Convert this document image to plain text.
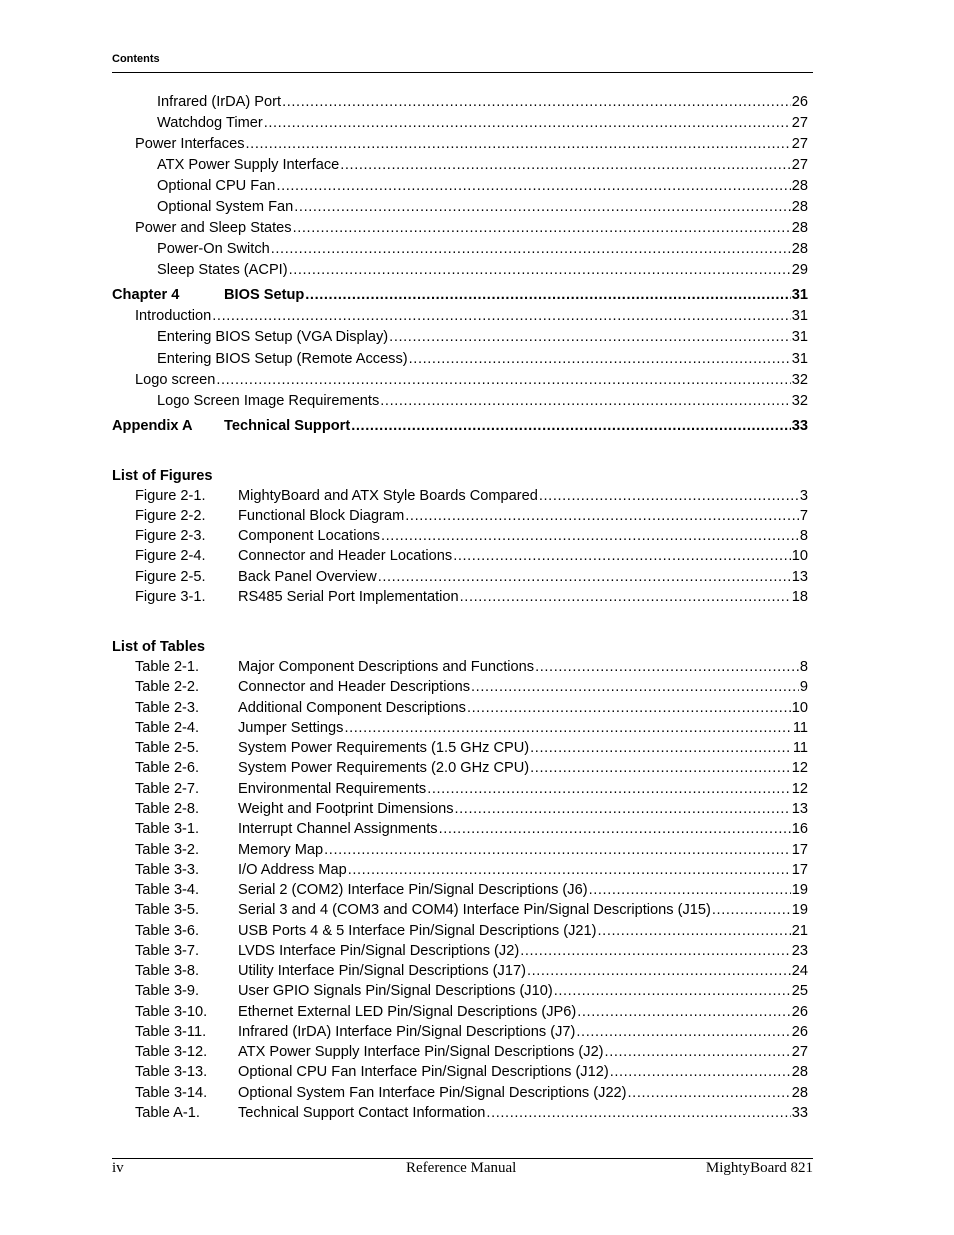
Contents
Infrared (IrDA) Port .....	26
Watchdog Timer .....	27
Power Interfaces .....	27
ATX Power Supply Interface .....	27
Optional CPU Fan .....	28
Optional System Fan .....	28
Power and Sleep States .....	28
Power-On Switch .....	28
Sleep States (ACPI) .....	29
Chapter 4	BIOS Setup .....	31
Introduction .....	31
Entering BIOS Setup (VGA Display) .....	31
Entering BIOS Setup (Remote Access) .....	31
Logo screen .....	32
Logo Screen Image Requirements .....	32
Appendix A	Technical Support .....	33
Figure 2-1.	MightyBoard and ATX Style Boards Compared .....	3
Figure 2-2.	Functional Block Diagram .....	7
Figure 2-3.	Component Locations .....	8
Figure 2-4.	Connector and Header Locations .....	10
Figure 2-5.	Back Panel Overview .....	13
Figure 3-1.	RS485 Serial Port Implementation .....	18
Table 2-1.	Major Component Descriptions and Functions .....	8
Table 2-2.	Connector and Header Descriptions .....	9
Table 2-3.	Additional Component Descriptions .....	10
Table 2-4.	Jumper Settings .....	11
Table 2-5.	System Power Requirements (1.5 GHz CPU) .....	11
Table 2-6.	System Power Requirements (2.0 GHz CPU) .....	12
Table 2-7.	Environmental Requirements .....	12
Table 2-8.	Weight and Footprint Dimensions .....	13
Table 3-1.	Interrupt Channel Assignments .....	16
Table 3-2.	Memory Map .....	17
Table 3-3.	I/O Address Map .....	17
Table 3-4.	Serial 2 (COM2) Interface Pin/Signal Descriptions (J6) .....	19
Table 3-5.	Serial 3 and 4 (COM3 and COM4) Interface Pin/Signal Descriptions (J15) .....	19
Table 3-6.	USB Ports 4 & 5 Interface Pin/Signal Descriptions (J21) .....	21
Table 3-7.	LVDS Interface Pin/Signal Descriptions (J2) .....	23
Table 3-8.	Utility Interface Pin/Signal Descriptions (J17) .....	24
Table 3-9.	User GPIO Signals Pin/Signal Descriptions (J10) .....	25
Table 3-10.	Ethernet External LED Pin/Signal Descriptions (JP6) .....	26
Table 3-11.	Infrared (IrDA) Interface Pin/Signal Descriptions (J7) .....	26
Table 3-12.	ATX Power Supply Interface Pin/Signal Descriptions (J2) .....	27
Table 3-13.	Optional CPU Fan Interface Pin/Signal Descriptions (J12) .....	28
Table 3-14.	Optional System Fan Interface Pin/Signal Descriptions (J22) .....	28
Table A-1.	Technical Support Contact Information .....	33
List of Figures
List of Tables
iv	Reference Manual	MightyBoard 821
